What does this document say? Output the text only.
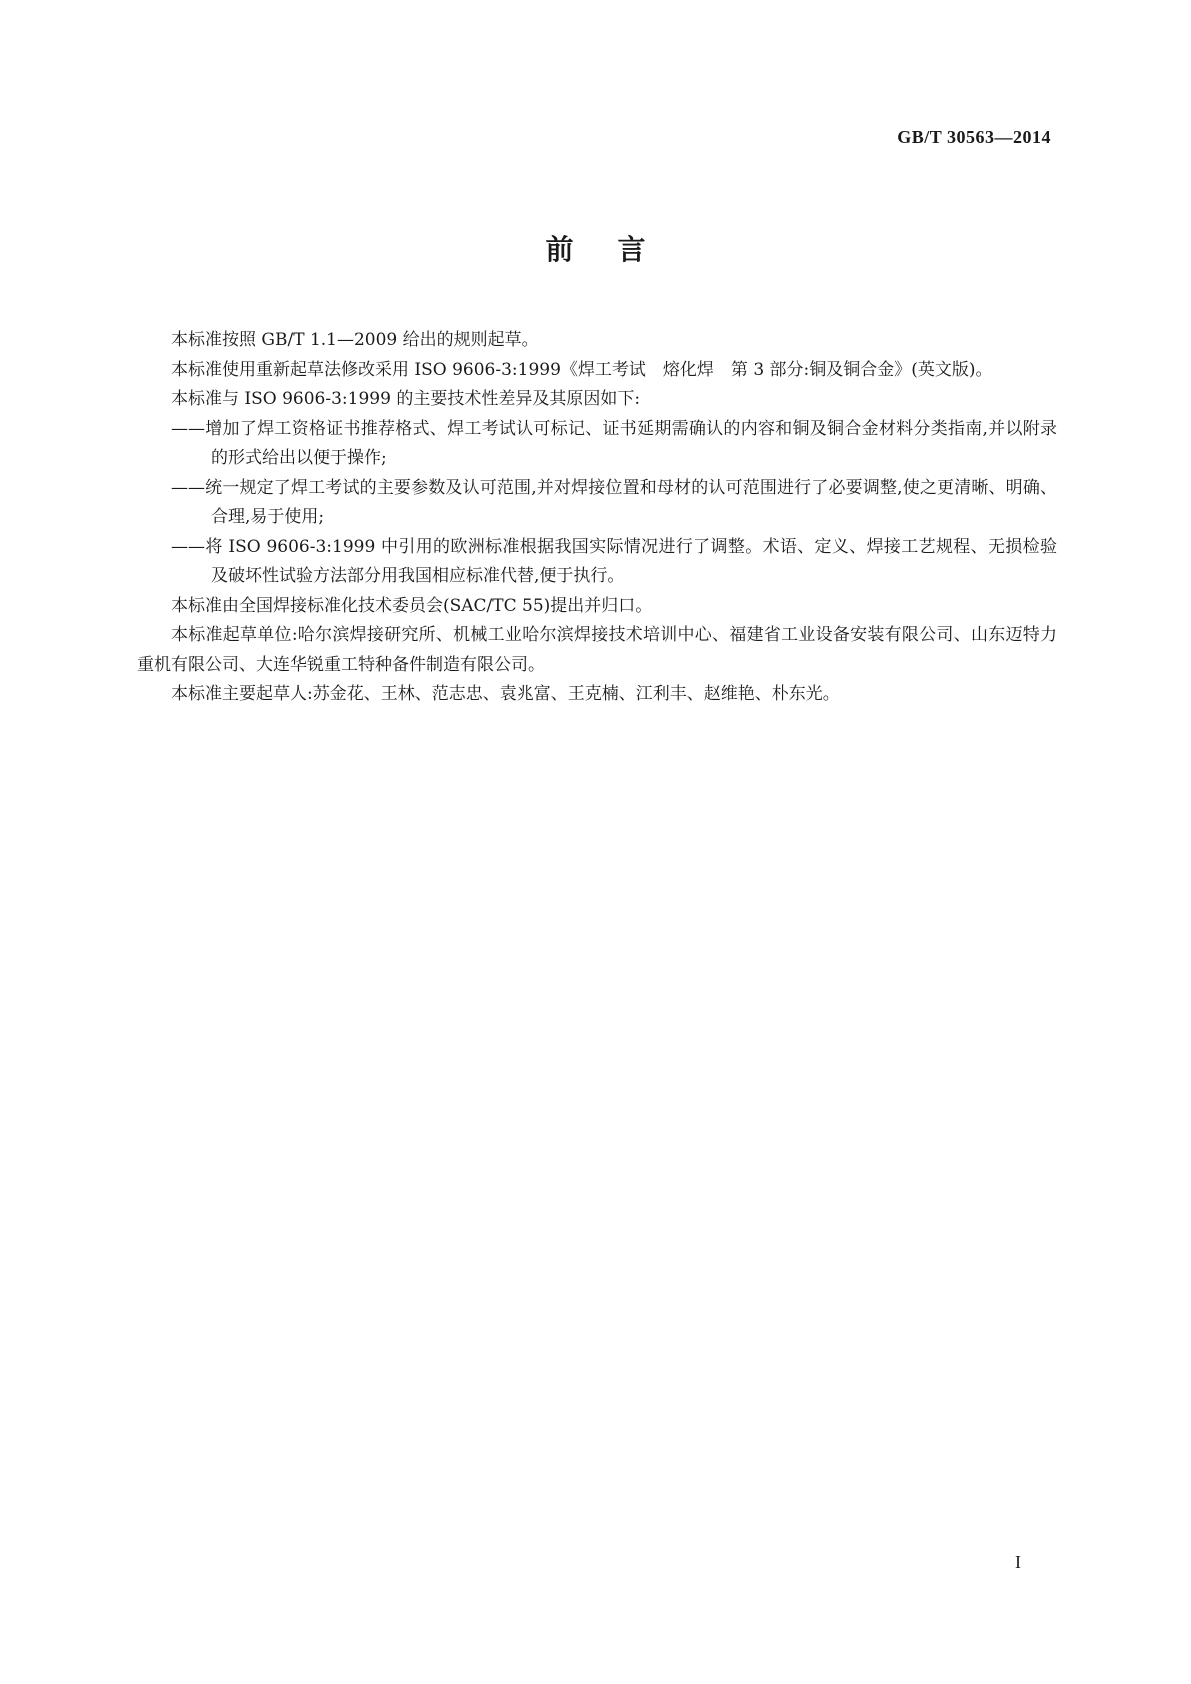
GB/T 30563—2014
前言

本标准按照 GB/T 1.1—2009 给出的规则起草。

本标准使用重新起草法修改采用 ISO 9606-3:1999《焊工考试　熔化焊　第 3 部分:铜及铜合金》(英文版)。

本标准与 ISO 9606-3:1999 的主要技术性差异及其原因如下:

——增加了焊工资格证书推荐格式、焊工考试认可标记、证书延期需确认的内容和铜及铜合金材料分类指南,并以附录的形式给出以便于操作;

——统一规定了焊工考试的主要参数及认可范围,并对焊接位置和母材的认可范围进行了必要调整,使之更清晰、明确、合理,易于使用;

——将 ISO 9606-3:1999 中引用的欧洲标准根据我国实际情况进行了调整。术语、定义、焊接工艺规程、无损检验及破坏性试验方法部分用我国相应标准代替,便于执行。

本标准由全国焊接标准化技术委员会(SAC/TC 55)提出并归口。

本标准起草单位:哈尔滨焊接研究所、机械工业哈尔滨焊接技术培训中心、福建省工业设备安装有限公司、山东迈特力重机有限公司、大连华锐重工特种备件制造有限公司。

本标准主要起草人:苏金花、王林、范志忠、袁兆富、王克楠、江利丰、赵维艳、朴东光。

I
